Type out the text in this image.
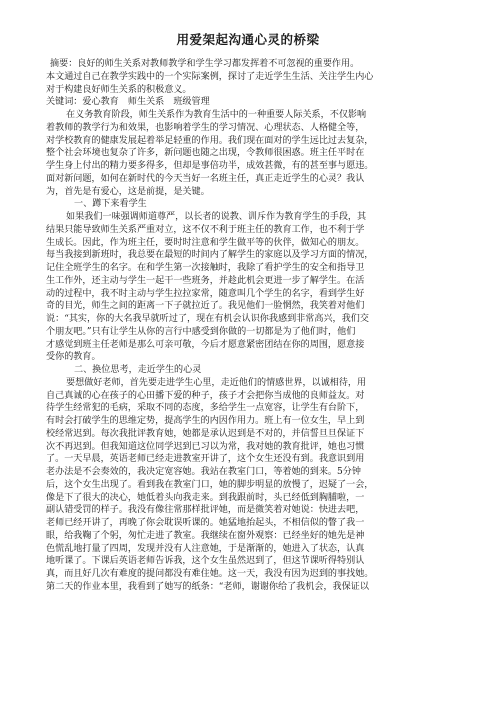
用爱架起沟通心灵的桥梁
摘要：良好的师生关系对教师教学和学生学习都发挥着不可忽视的重要作用。
本文通过自己在教学实践中的一个实际案例，探讨了走近学生生活、关注学生内心
对于构建良好师生关系的积极意义。
关键词：爱心教育　师生关系　班级管理
在义务教育阶段，师生关系作为教育生活中的一种重要人际关系，不仅影响
着教师的教学行为和效果，也影响着学生的学习情况、心理状态、人格健全等，
对学校教育的健康发展起着举足轻重的作用。我们现在面对的学生远比过去复杂，
整个社会环境也复杂了许多，新问题也随之出现，令教师很困惑。班主任平时在
学生身上付出的精力要多得多，但却是事倍功半，成效甚微，有的甚至事与愿违。
面对新问题，如何在新时代的今天当好一名班主任，真正走近学生的心灵？我认
为，首先是有爱心，这是前提，是关键。
一、蹲下来看学生
如果我们一味强调师道尊严，以长者的说教、训斥作为教育学生的手段，其
结果只能导致师生关系严重对立，这不仅不利于班主任的教育工作，也不利于学
生成长。因此，作为班主任，要时时注意和学生做平等的伙伴，做知心的朋友。
每当我接到新班时，我总要在最短的时间内了解学生的家庭以及学习方面的情况，
记住全班学生的名字。在和学生第一次接触时，我除了看护学生的安全和指导卫
生工作外，还主动与学生一起干一些班务，并趁此机会更进一步了解学生。在活
动的过程中，我不时主动与学生拉拉家常，随意叫几个学生的名字，看到学生好
奇的目光，师生之间的距离一下子就拉近了。我见他们一脸惘然，我笑着对他们
说：“其实，你的大名我早就听过了，现在有机会认识你我感到非常高兴，我们交
个朋友吧。”只有让学生从你的言行中感受到你做的一切都是为了他们时，他们
才感觉到班主任老师是那么可亲可敬，今后才愿意紧密团结在你的周围，愿意接
受你的教育。
二、换位思考，走近学生的心灵
要想做好老师，首先要走进学生心里，走近他们的情感世界，以诚相待，用
自己真诚的心在孩子的心田播下爱的种子，孩子才会把你当成他的良师益友。对
待学生经常犯的毛病，采取不同的态度，多给学生一点宽容，让学生有台阶下，
有时会打破学生的思维定势，提高学生的内因作用力。班上有一位女生，早上到
校经常迟到。每次我批评教育她，她都是承认迟到是不对的，并信誓旦旦保证下
次不再迟到。但我知道这位同学迟到已习以为常，我对她的教育批评，她也习惯
了。一天早晨，英语老师已经走进教室开讲了，这个女生还没有到。我意识到用
老办法是不会奏效的，我决定宽容她。我站在教室门口，等着她的到来。5分钟
后，这个女生出现了。看到我在教室门口，她的脚步明显的放慢了，迟疑了一会，
像是下了很大的决心，她低着头向我走来。到我跟前时，头已经低到胸脯啦，一
副认错受罚的样子。我没有像往常那样批评她，而是微笑着对她说：快进去吧，
老师已经开讲了，再晚了你会耽误听课的。她猛地抬起头，不相信似的瞥了我一
眼，给我鞠了个躬，匆忙走进了教室。我继续在窗外观察：已经坐好的她先是神
色慌乱地打量了四周，发现并没有人注意她，于是渐渐的，她进入了状态，认真
地听课了。下课后英语老师告诉我，这个女生虽然迟到了，但这节课听得特别认
真，而且好几次有难度的提问都没有难住她。这一天，我没有因为迟到的事找她。
第二天的作业本里，我看到了她写的纸条：“老师，谢谢你给了我机会，我保证以
